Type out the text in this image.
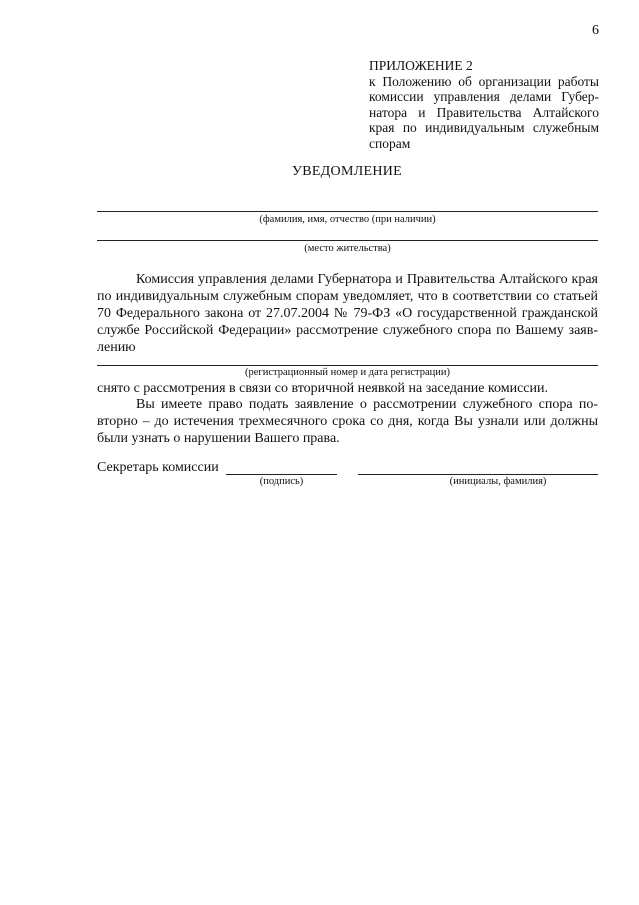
6
ПРИЛОЖЕНИЕ 2
к Положению об организации работы комиссии управления делами Губер-натора и Правительства Алтайского края по индивидуальным служебным спорам
УВЕДОМЛЕНИЕ
(фамилия, имя, отчество (при наличии)
(место жительства)
Комиссия управления делами Губернатора и Правительства Алтайского края по индивидуальным служебным спорам уведомляет, что в соответствии со статьей 70 Федерального закона от 27.07.2004 № 79-ФЗ «О государственной гражданской службе Российской Федерации» рассмотрение служебного спора по Вашему заяв-лению
(регистрационный номер и дата регистрации)
снято с рассмотрения в связи со вторичной неявкой на заседание комиссии.
Вы имеете право подать заявление о рассмотрении служебного спора по-вторно – до истечения трехмесячного срока со дня, когда Вы узнали или должны были узнать о нарушении Вашего права.
Секретарь комиссии
(подпись)	(инициалы, фамилия)
